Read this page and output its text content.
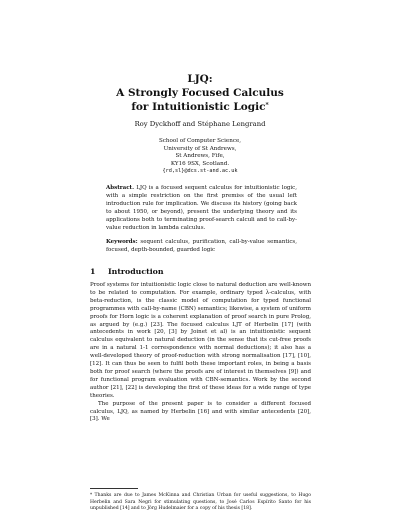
LJQ:
A Strongly Focused Calculus
for Intuitionistic Logic*
Roy Dyckhoff and Stéphane Lengrand
School of Computer Science,
University of St Andrews,
St Andrews, Fife,
KY16 9SX, Scotland.
{rd,sl}@dcs.st-and.ac.uk
Abstract. LJQ is a focused sequent calculus for intuitionistic logic, with a simple restriction on the first premiss of the usual left introduction rule for implication. We discuss its history (going back to about 1950, or beyond), present the underlying theory and its applications both to terminating proof-search calculi and to call-by-value reduction in lambda calculus.
Keywords: sequent calculus, purification, call-by-value semantics, focused, depth-bounded, guarded logic
1 Introduction

Proof systems for intuitionistic logic close to natural deduction are well-known to be related to computation. For example, ordinary typed λ-calculus, with beta-reduction, is the classic model of computation for typed functional programmes with call-by-name (CBN) semantics; likewise, a system of uniform proofs for Horn logic is a coherent explanation of proof search in pure Prolog, as argued by (e.g.) [23]. The focused calculus LJT of Herbelin [17] (with antecedents in work [20, [3] by Joinet et al) is an intuitionistic sequent calculus equivalent to natural deduction (in the sense that its cut-free proofs are in a natural 1-1 correspondence with normal deductions); it also has a well-developed theory of proof-reduction with strong normalisation [17], [10], [12]. It can thus be seen to fulfil both these important roles, in being a basis both for proof search (where the proofs are of interest in themselves [9]) and for functional program evaluation with CBN-semantics. Work by the second author [21], [22] is developing the first of these ideas for a wide range of type theories.

The purpose of the present paper is to consider a different focused calculus, LJQ, as named by Herbelin [16] and with similar antecedents [20], [3]. We

* Thanks are due to James McKinna and Christian Urban for useful suggestions, to Hugo Herbelin and Sara Negri for stimulating questions, to José Carlos Espírito Santo for his unpublished [14] and to Jörg Hudelmaier for a copy of his thesis [18].
